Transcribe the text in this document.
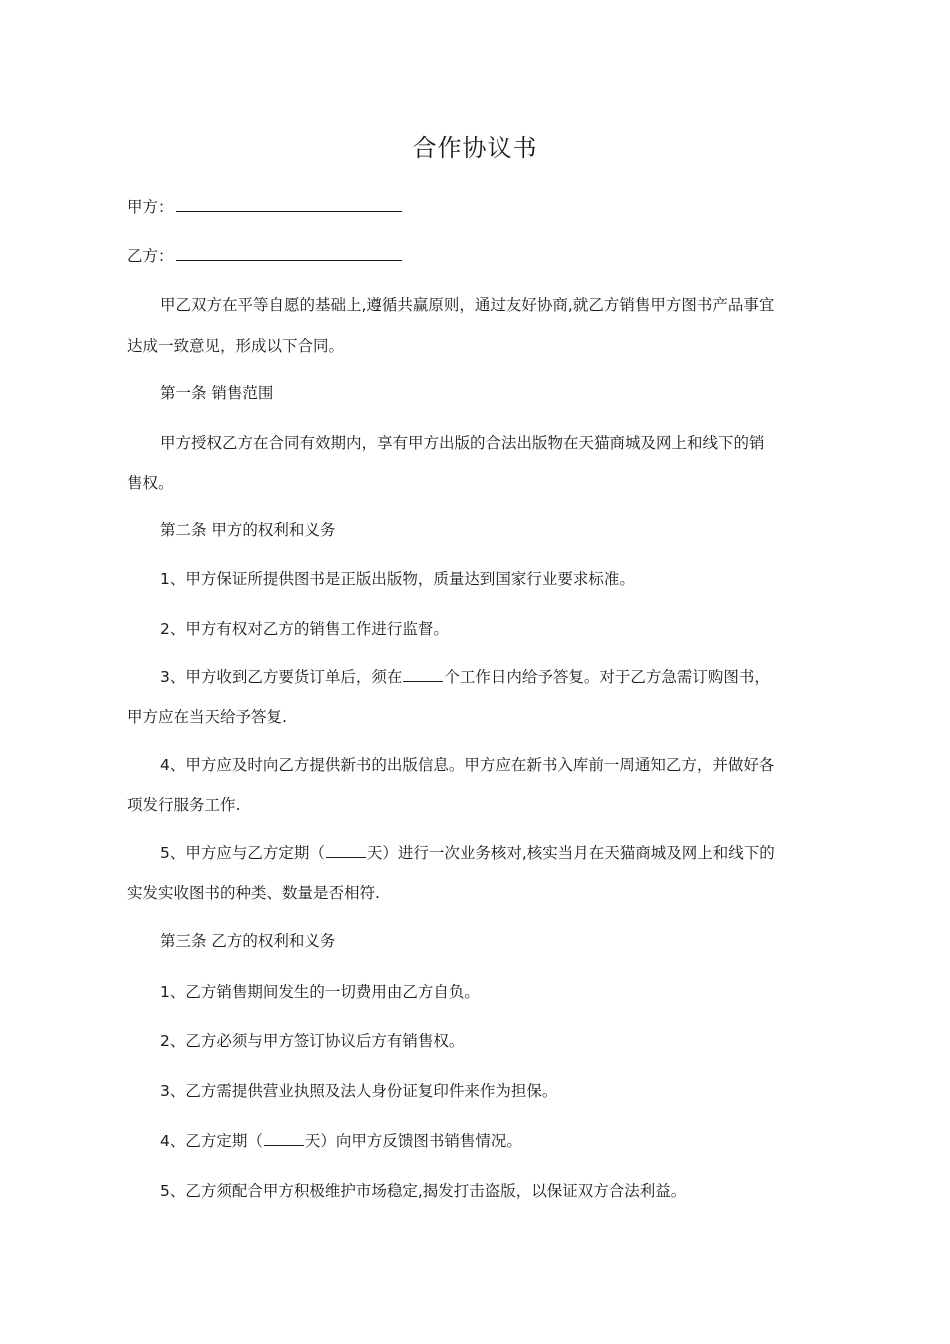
合作协议书
甲方：
乙方：
甲乙双方在平等自愿的基础上,遵循共赢原则，通过友好协商,就乙方销售甲方图书产品事宜
达成一致意见，形成以下合同。
第一条 销售范围
甲方授权乙方在合同有效期内，享有甲方出版的合法出版物在天猫商城及网上和线下的销
售权。
第二条 甲方的权利和义务
1、甲方保证所提供图书是正版出版物，质量达到国家行业要求标准。
2、甲方有权对乙方的销售工作进行监督。
3、甲方收到乙方要货订单后，须在	个工作日内给予答复。对于乙方急需订购图书，
甲方应在当天给予答复.
4、甲方应及时向乙方提供新书的出版信息。甲方应在新书入库前一周通知乙方，并做好各
项发行服务工作.
5、甲方应与乙方定期（	天）进行一次业务核对,核实当月在天猫商城及网上和线下的
实发实收图书的种类、数量是否相符.
第三条 乙方的权利和义务
1、乙方销售期间发生的一切费用由乙方自负。
2、乙方必须与甲方签订协议后方有销售权。
3、乙方需提供营业执照及法人身份证复印件来作为担保。
4、乙方定期（	天）向甲方反馈图书销售情况。
5、乙方须配合甲方积极维护市场稳定,揭发打击盗版，以保证双方合法利益。
